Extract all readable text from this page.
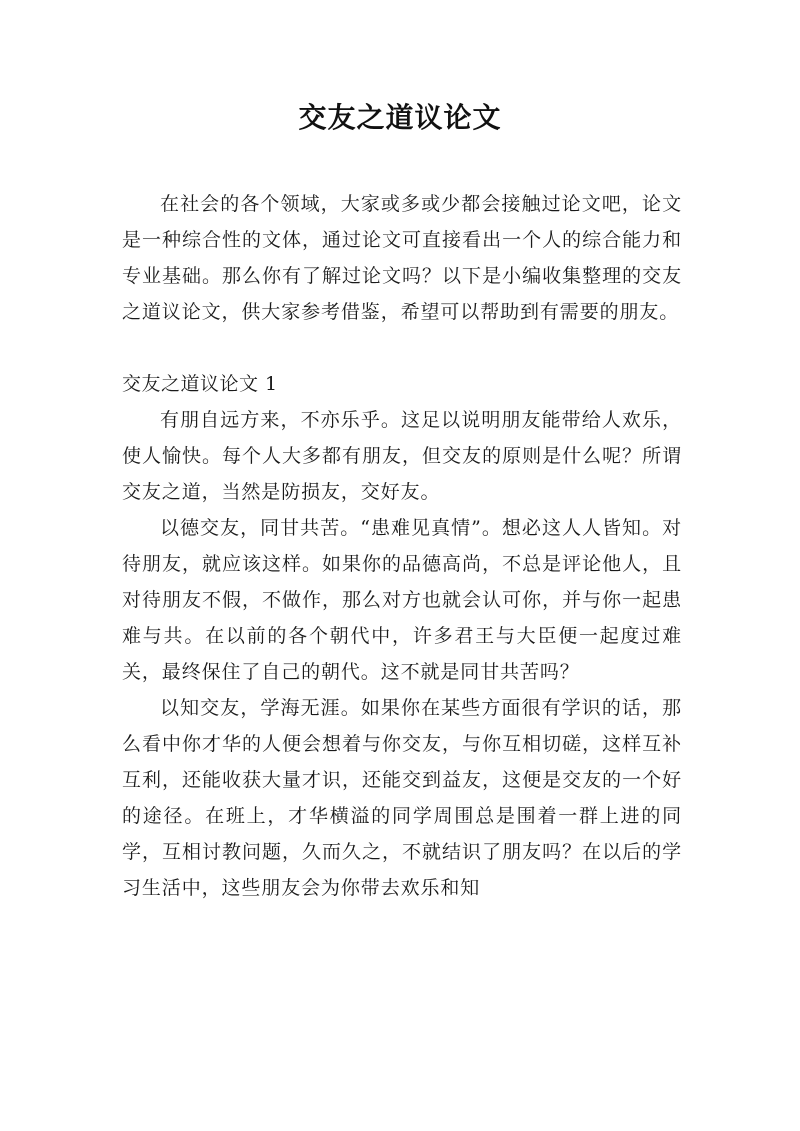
交友之道议论文

在社会的各个领域，大家或多或少都会接触过论文吧，论文是一种综合性的文体，通过论文可直接看出一个人的综合能力和专业基础。那么你有了解过论文吗？以下是小编收集整理的交友之道议论文，供大家参考借鉴，希望可以帮助到有需要的朋友。

交友之道议论文 1

有朋自远方来，不亦乐乎。这足以说明朋友能带给人欢乐，使人愉快。每个人大多都有朋友，但交友的原则是什么呢？所谓交友之道，当然是防损友，交好友。

以德交友，同甘共苦。“患难见真情”。想必这人人皆知。对待朋友，就应该这样。如果你的品德高尚，不总是评论他人，且对待朋友不假，不做作，那么对方也就会认可你，并与你一起患难与共。在以前的各个朝代中，许多君王与大臣便一起度过难关，最终保住了自己的朝代。这不就是同甘共苦吗？

以知交友，学海无涯。如果你在某些方面很有学识的话，那么看中你才华的人便会想着与你交友，与你互相切磋，这样互补互利，还能收获大量才识，还能交到益友，这便是交友的一个好的途径。在班上，才华横溢的同学周围总是围着一群上进的同学，互相讨教问题，久而久之，不就结识了朋友吗？在以后的学习生活中，这些朋友会为你带去欢乐和知
